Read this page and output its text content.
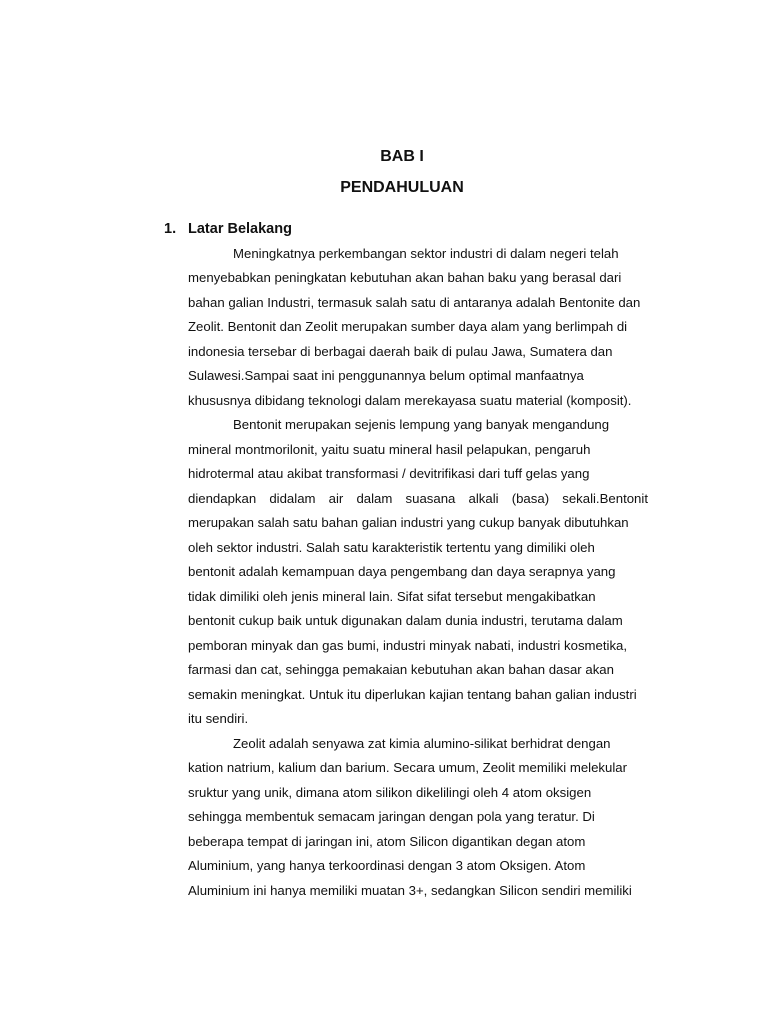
BAB I
PENDAHULUAN
1. Latar Belakang
Meningkatnya perkembangan sektor industri di dalam negeri telah
menyebabkan peningkatan kebutuhan akan bahan baku yang berasal dari
bahan galian Industri, termasuk salah satu di antaranya adalah Bentonite dan
Zeolit. Bentonit dan Zeolit merupakan sumber daya alam yang berlimpah di
indonesia tersebar di berbagai daerah baik di pulau Jawa, Sumatera dan
Sulawesi.Sampai saat ini penggunannya belum optimal manfaatnya
khususnya dibidang teknologi dalam merekayasa suatu material (komposit).
Bentonit merupakan sejenis lempung yang banyak mengandung
mineral montmorilonit, yaitu suatu mineral hasil pelapukan, pengaruh
hidrotermal atau akibat transformasi / devitrifikasi dari tuff gelas yang
diendapkan didalam air dalam suasana alkali (basa) sekali.Bentonit
merupakan salah satu bahan galian industri yang cukup banyak dibutuhkan
oleh sektor industri. Salah satu karakteristik tertentu yang dimiliki oleh
bentonit adalah kemampuan daya pengembang dan daya serapnya yang
tidak dimiliki oleh jenis mineral lain. Sifat sifat tersebut mengakibatkan
bentonit cukup baik untuk digunakan dalam dunia industri, terutama dalam
pemboran minyak dan gas bumi, industri minyak nabati, industri kosmetika,
farmasi dan cat, sehingga pemakaian kebutuhan akan bahan dasar akan
semakin meningkat. Untuk itu diperlukan kajian tentang bahan galian industri
itu sendiri.
Zeolit adalah senyawa zat kimia alumino-silikat berhidrat dengan
kation natrium, kalium dan barium. Secara umum, Zeolit memiliki melekular
sruktur yang unik, dimana atom silikon dikelilingi oleh 4 atom oksigen
sehingga membentuk semacam jaringan dengan pola yang teratur. Di
beberapa tempat di jaringan ini, atom Silicon digantikan degan atom
Aluminium, yang hanya terkoordinasi dengan 3 atom Oksigen. Atom
Aluminium ini hanya memiliki muatan 3+, sedangkan Silicon sendiri memiliki
